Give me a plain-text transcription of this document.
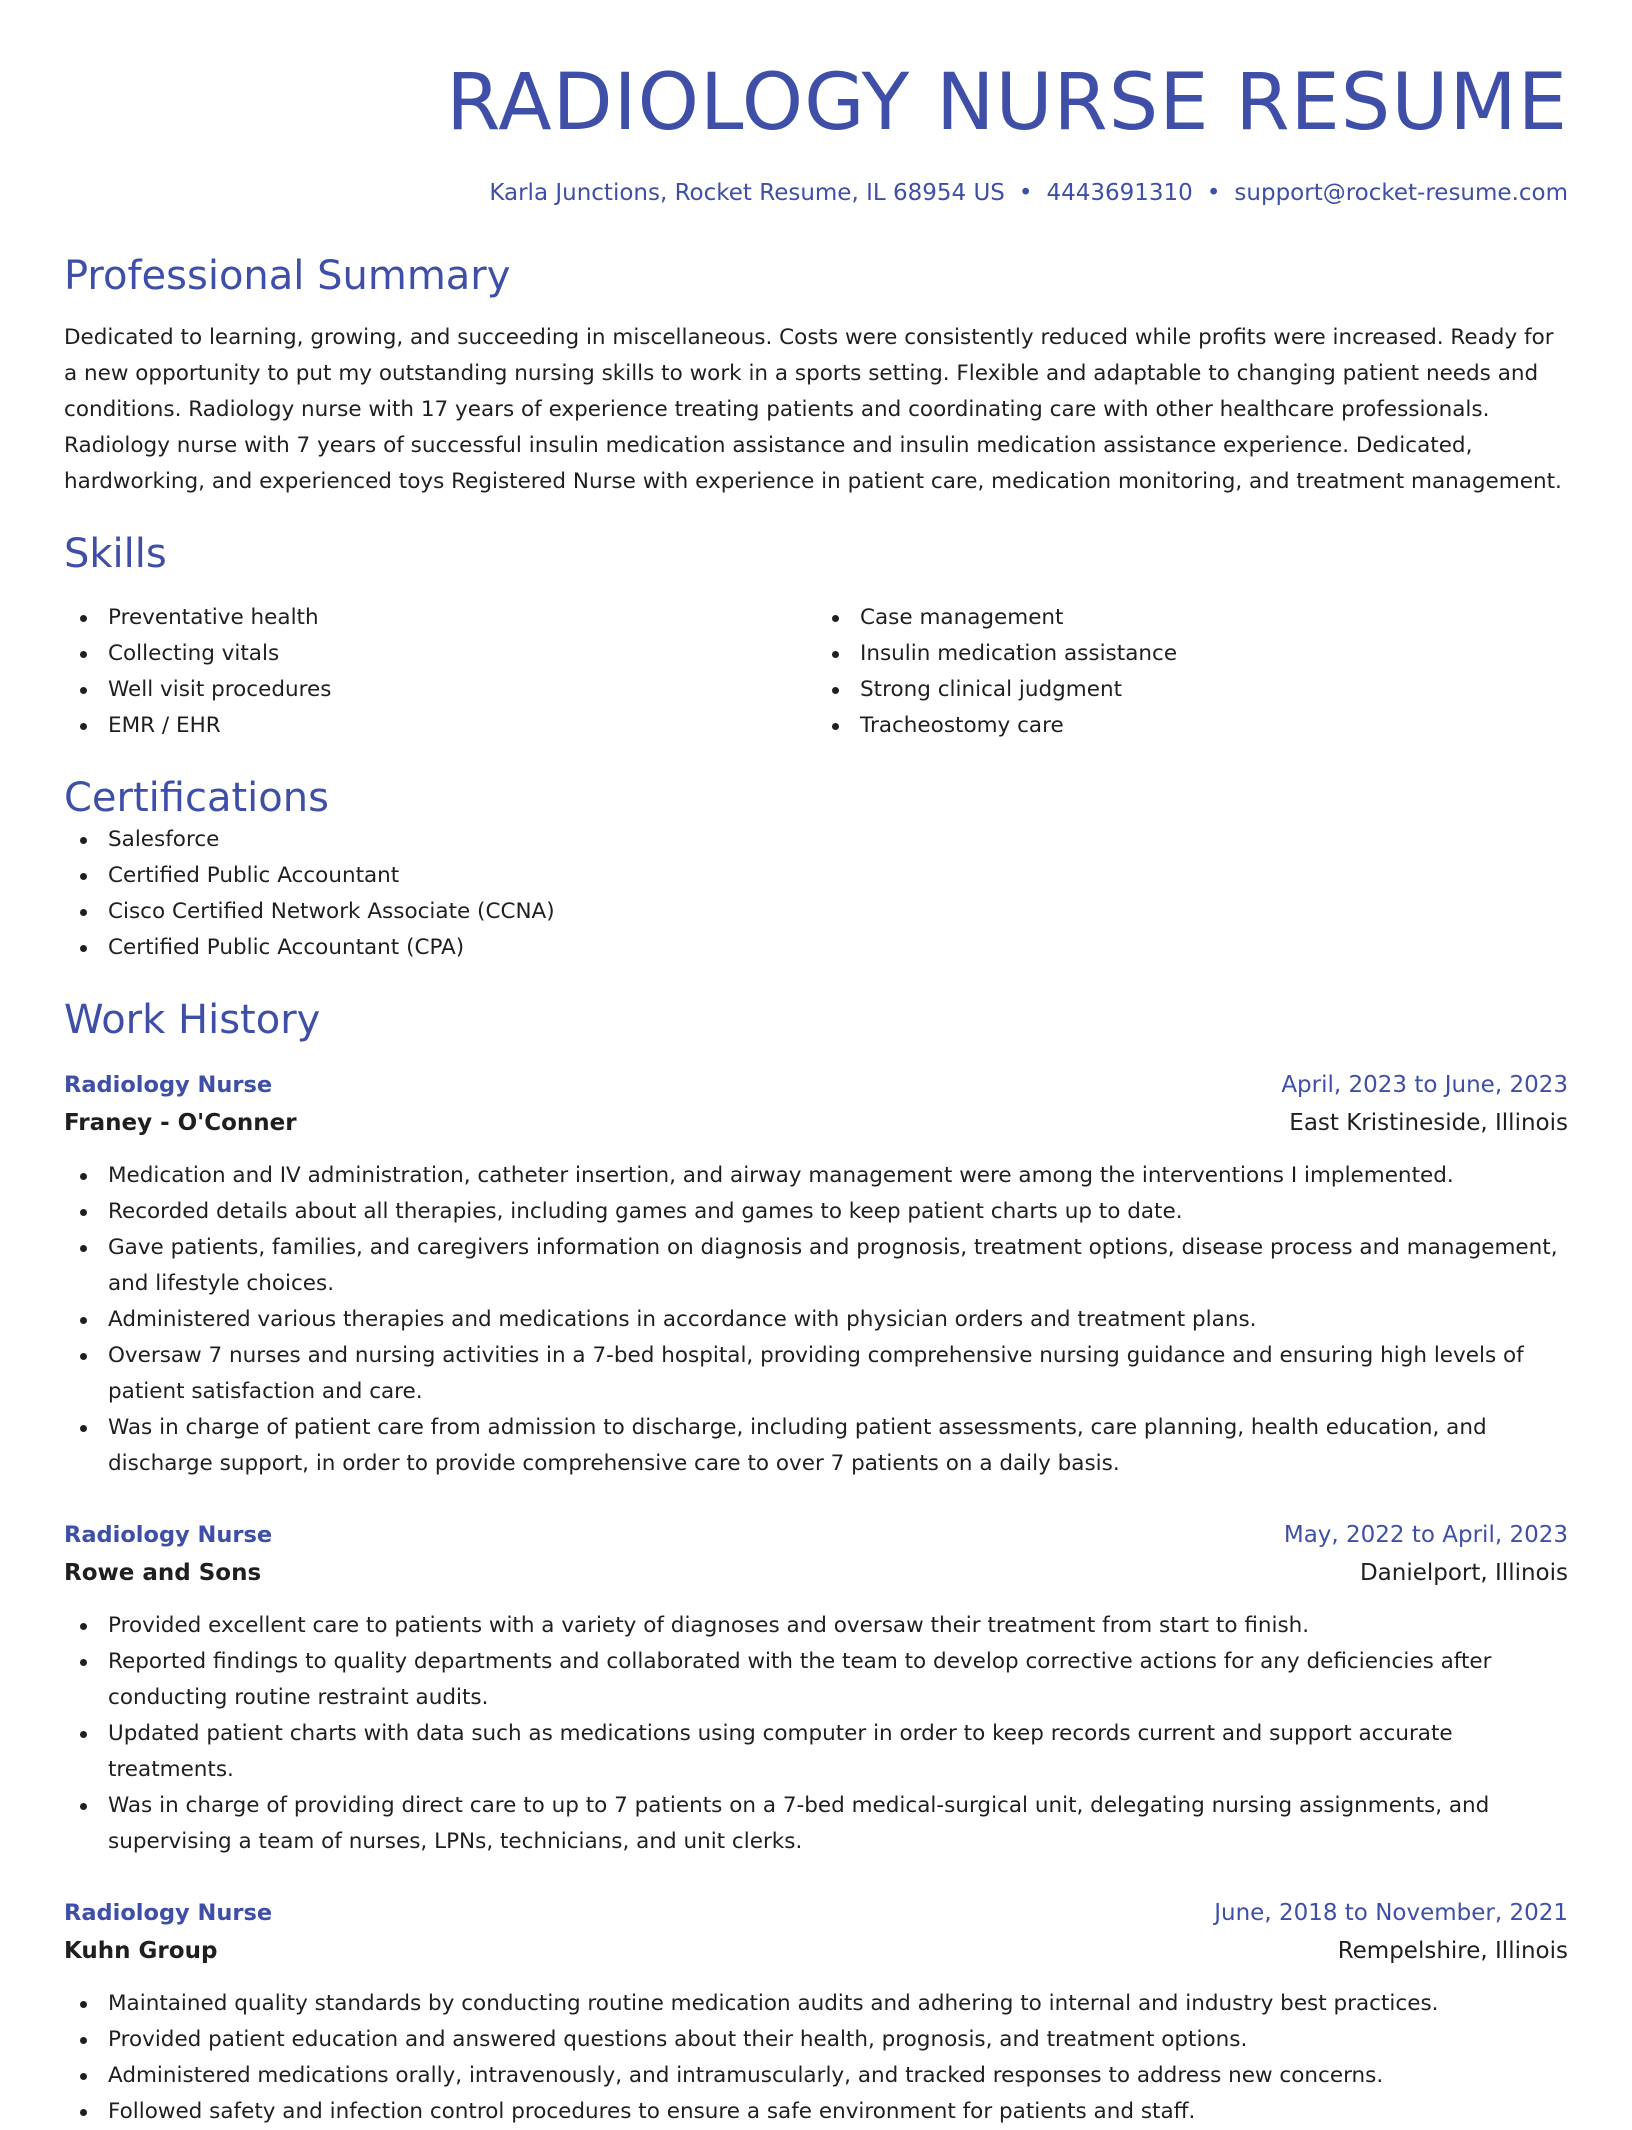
RADIOLOGY NURSE RESUME
Karla Junctions, Rocket Resume, IL 68954 US • 4443691310 • support@rocket-resume.com
Professional Summary
Dedicated to learning, growing, and succeeding in miscellaneous. Costs were consistently reduced while profits were increased. Ready for a new opportunity to put my outstanding nursing skills to work in a sports setting. Flexible and adaptable to changing patient needs and conditions. Radiology nurse with 17 years of experience treating patients and coordinating care with other healthcare professionals. Radiology nurse with 7 years of successful insulin medication assistance and insulin medication assistance experience. Dedicated, hardworking, and experienced toys Registered Nurse with experience in patient care, medication monitoring, and treatment management.
Skills
Preventative health
Collecting vitals
Well visit procedures
EMR / EHR
Case management
Insulin medication assistance
Strong clinical judgment
Tracheostomy care
Certifications
Salesforce
Certified Public Accountant
Cisco Certified Network Associate (CCNA)
Certified Public Accountant (CPA)
Work History
Radiology Nurse	April, 2023 to June, 2023
Franey - O'Conner	East Kristineside, Illinois
Medication and IV administration, catheter insertion, and airway management were among the interventions I implemented.
Recorded details about all therapies, including games and games to keep patient charts up to date.
Gave patients, families, and caregivers information on diagnosis and prognosis, treatment options, disease process and management, and lifestyle choices.
Administered various therapies and medications in accordance with physician orders and treatment plans.
Oversaw 7 nurses and nursing activities in a 7-bed hospital, providing comprehensive nursing guidance and ensuring high levels of patient satisfaction and care.
Was in charge of patient care from admission to discharge, including patient assessments, care planning, health education, and discharge support, in order to provide comprehensive care to over 7 patients on a daily basis.
Radiology Nurse	May, 2022 to April, 2023
Rowe and Sons	Danielport, Illinois
Provided excellent care to patients with a variety of diagnoses and oversaw their treatment from start to finish.
Reported findings to quality departments and collaborated with the team to develop corrective actions for any deficiencies after conducting routine restraint audits.
Updated patient charts with data such as medications using computer in order to keep records current and support accurate treatments.
Was in charge of providing direct care to up to 7 patients on a 7-bed medical-surgical unit, delegating nursing assignments, and supervising a team of nurses, LPNs, technicians, and unit clerks.
Radiology Nurse	June, 2018 to November, 2021
Kuhn Group	Rempelshire, Illinois
Maintained quality standards by conducting routine medication audits and adhering to internal and industry best practices.
Provided patient education and answered questions about their health, prognosis, and treatment options.
Administered medications orally, intravenously, and intramuscularly, and tracked responses to address new concerns.
Followed safety and infection control procedures to ensure a safe environment for patients and staff.
